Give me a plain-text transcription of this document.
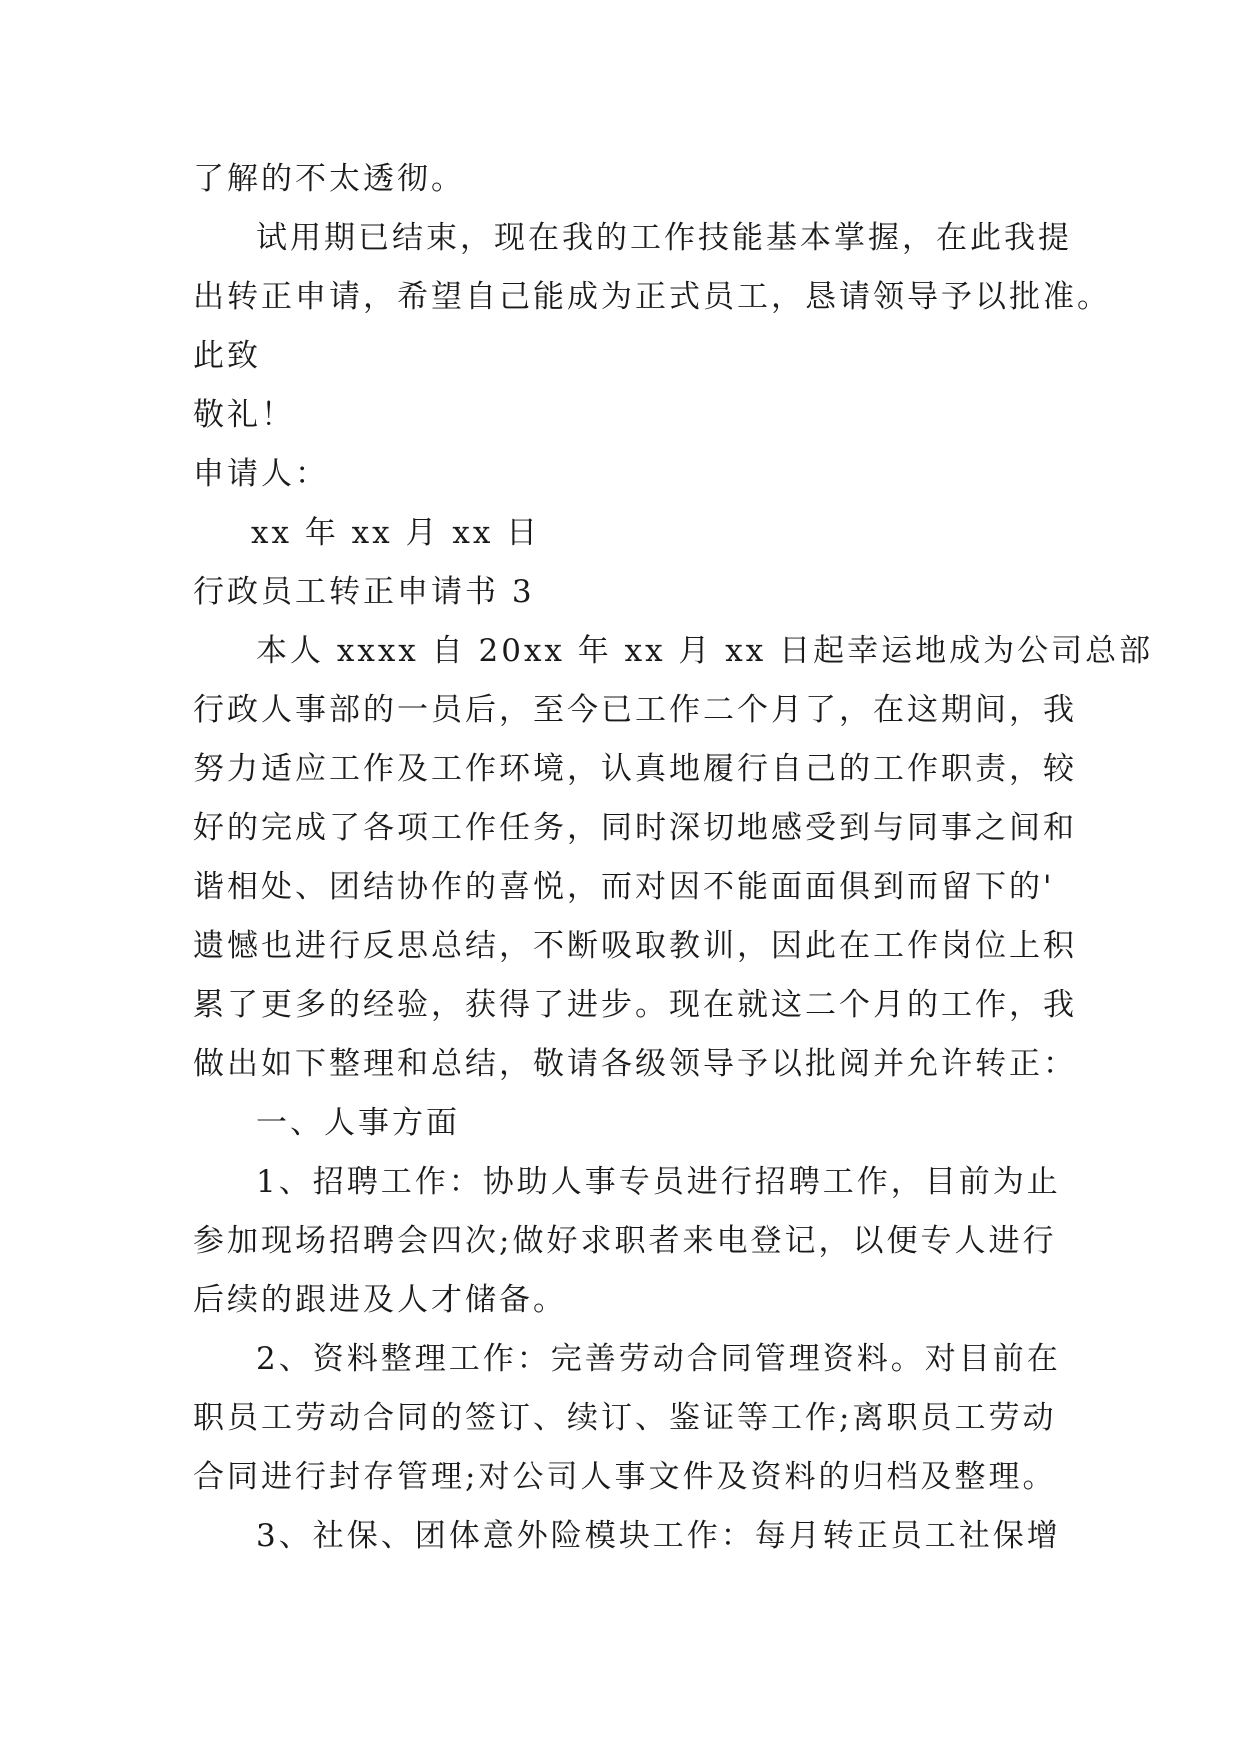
了解的不太透彻。
试用期已结束，现在我的工作技能基本掌握，在此我提
出转正申请，希望自己能成为正式员工，恳请领导予以批准。
此致
敬礼！
申请人：
xx 年 xx 月 xx 日
行政员工转正申请书 3
本人 xxxx 自 20xx 年 xx 月 xx 日起幸运地成为公司总部
行政人事部的一员后，至今已工作二个月了，在这期间，我
努力适应工作及工作环境，认真地履行自己的工作职责，较
好的完成了各项工作任务，同时深切地感受到与同事之间和
谐相处、团结协作的喜悦，而对因不能面面俱到而留下的'
遗憾也进行反思总结，不断吸取教训，因此在工作岗位上积
累了更多的经验，获得了进步。现在就这二个月的工作，我
做出如下整理和总结，敬请各级领导予以批阅并允许转正：
一、人事方面
1、招聘工作：协助人事专员进行招聘工作，目前为止
参加现场招聘会四次;做好求职者来电登记，以便专人进行
后续的跟进及人才储备。
2、资料整理工作：完善劳动合同管理资料。对目前在
职员工劳动合同的签订、续订、鉴证等工作;离职员工劳动
合同进行封存管理;对公司人事文件及资料的归档及整理。
3、社保、团体意外险模块工作：每月转正员工社保增
